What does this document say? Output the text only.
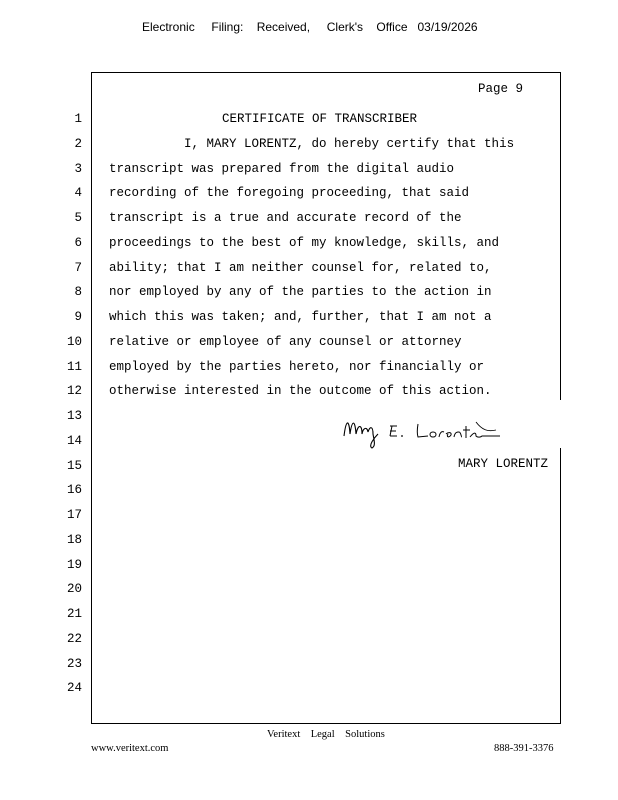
Electronic     Filing:    Received,     Clerk's    Office   03/19/2026
Page 9
1
2
3
4
5
6
7
8
9
10
11
12
13
14
15
16
17
18
19
20
21
22
23
24
CERTIFICATE OF TRANSCRIBER
I, MARY LORENTZ, do hereby certify that this
transcript was prepared from the digital audio
recording of the foregoing proceeding, that said
transcript is a true and accurate record of the
proceedings to the best of my knowledge, skills, and
ability; that I am neither counsel for, related to,
nor employed by any of the parties to the action in
which this was taken; and, further, that I am not a
relative or employee of any counsel or attorney
employed by the parties hereto, nor financially or
otherwise interested in the outcome of this action.
MARY LORENTZ
Veritext    Legal    Solutions
www.veritext.com	888-391-3376
